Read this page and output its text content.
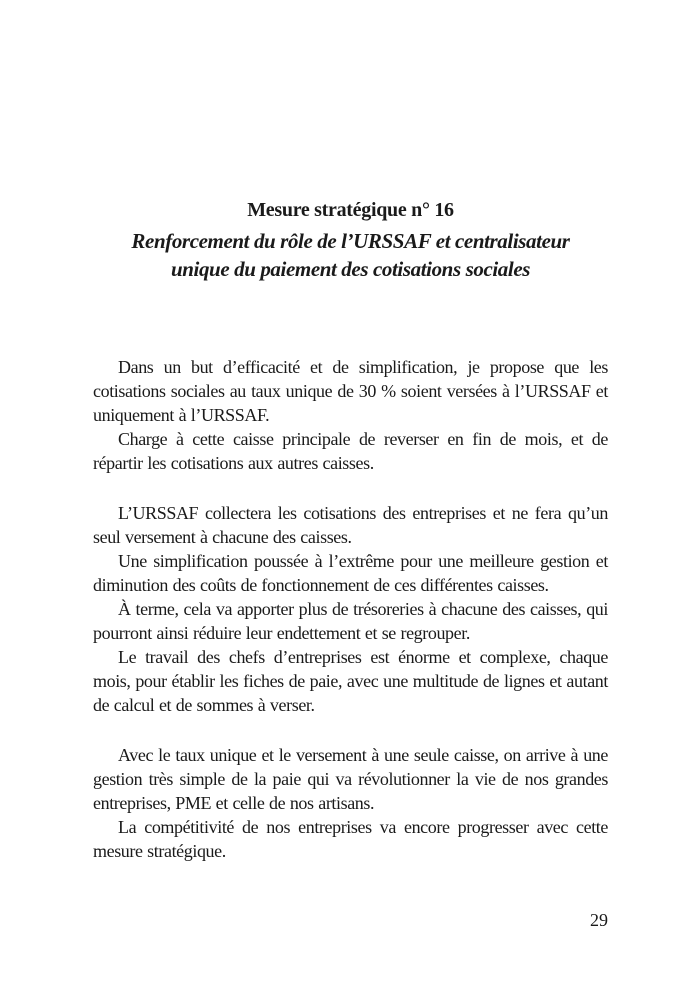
Mesure stratégique n° 16
Renforcement du rôle de l’URSSAF et centralisateur
unique du paiement des cotisations sociales

Dans un but d’efficacité et de simplification, je propose que les cotisations sociales au taux unique de 30 % soient versées à l’URSSAF et uniquement à l’URSSAF.

Charge à cette caisse principale de reverser en fin de mois, et de répartir les cotisations aux autres caisses.

L’URSSAF collectera les cotisations des entreprises et ne fera qu’un seul versement à chacune des caisses.

Une simplification poussée à l’extrême pour une meilleure gestion et diminution des coûts de fonctionnement de ces différentes caisses.

À terme, cela va apporter plus de trésoreries à chacune des caisses, qui pourront ainsi réduire leur endettement et se regrouper.

Le travail des chefs d’entreprises est énorme et complexe, chaque mois, pour établir les fiches de paie, avec une multitude de lignes et autant de calcul et de sommes à verser.

Avec le taux unique et le versement à une seule caisse, on arrive à une gestion très simple de la paie qui va révolutionner la vie de nos grandes entreprises, PME et celle de nos artisans.

La compétitivité de nos entreprises va encore progresser avec cette mesure stratégique.

29
